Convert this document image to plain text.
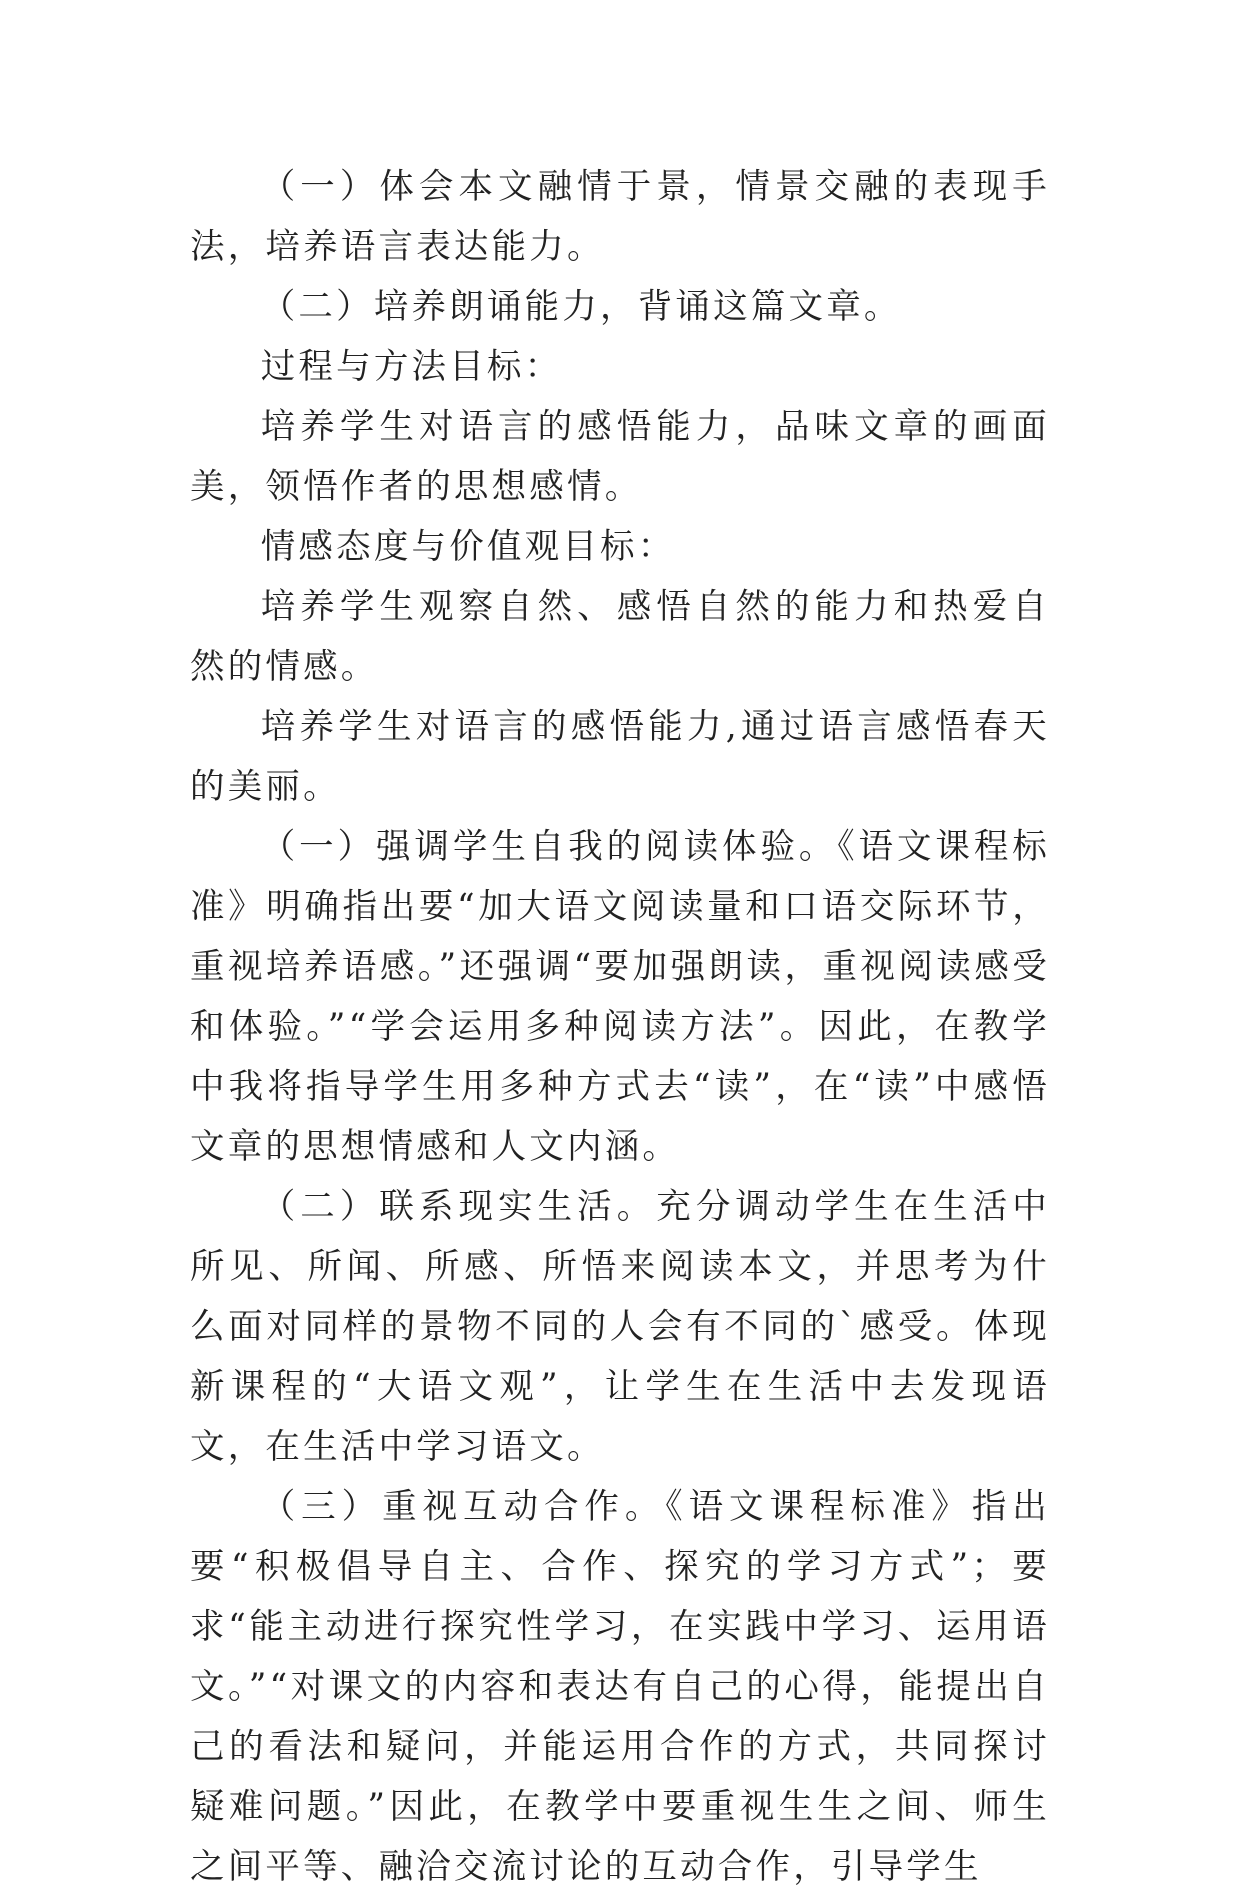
（一）体会本文融情于景，情景交融的表现手法，培养语言表达能力。

（二）培养朗诵能力，背诵这篇文章。

过程与方法目标：

培养学生对语言的感悟能力，品味文章的画面美，领悟作者的思想感情。

情感态度与价值观目标：

培养学生观察自然、感悟自然的能力和热爱自然的情感。

培养学生对语言的感悟能力,通过语言感悟春天的美丽。

（一）强调学生自我的阅读体验。《语文课程标准》明确指出要“加大语文阅读量和口语交际环节，重视培养语感。”还强调“要加强朗读，重视阅读感受和体验。”“学会运用多种阅读方法”。因此，在教学中我将指导学生用多种方式去“读”，在“读”中感悟文章的思想情感和人文内涵。

（二）联系现实生活。充分调动学生在生活中所见、所闻、所感、所悟来阅读本文，并思考为什么面对同样的景物不同的人会有不同的`感受。体现新课程的“大语文观”，让学生在生活中去发现语文，在生活中学习语文。

（三）重视互动合作。《语文课程标准》指出要“积极倡导自主、合作、探究的学习方式”；要求“能主动进行探究性学习，在实践中学习、运用语文。”“对课文的内容和表达有自己的心得，能提出自己的看法和疑问，并能运用合作的方式，共同探讨疑难问题。”因此，在教学中要重视生生之间、师生之间平等、融洽交流讨论的互动合作，引导学生
